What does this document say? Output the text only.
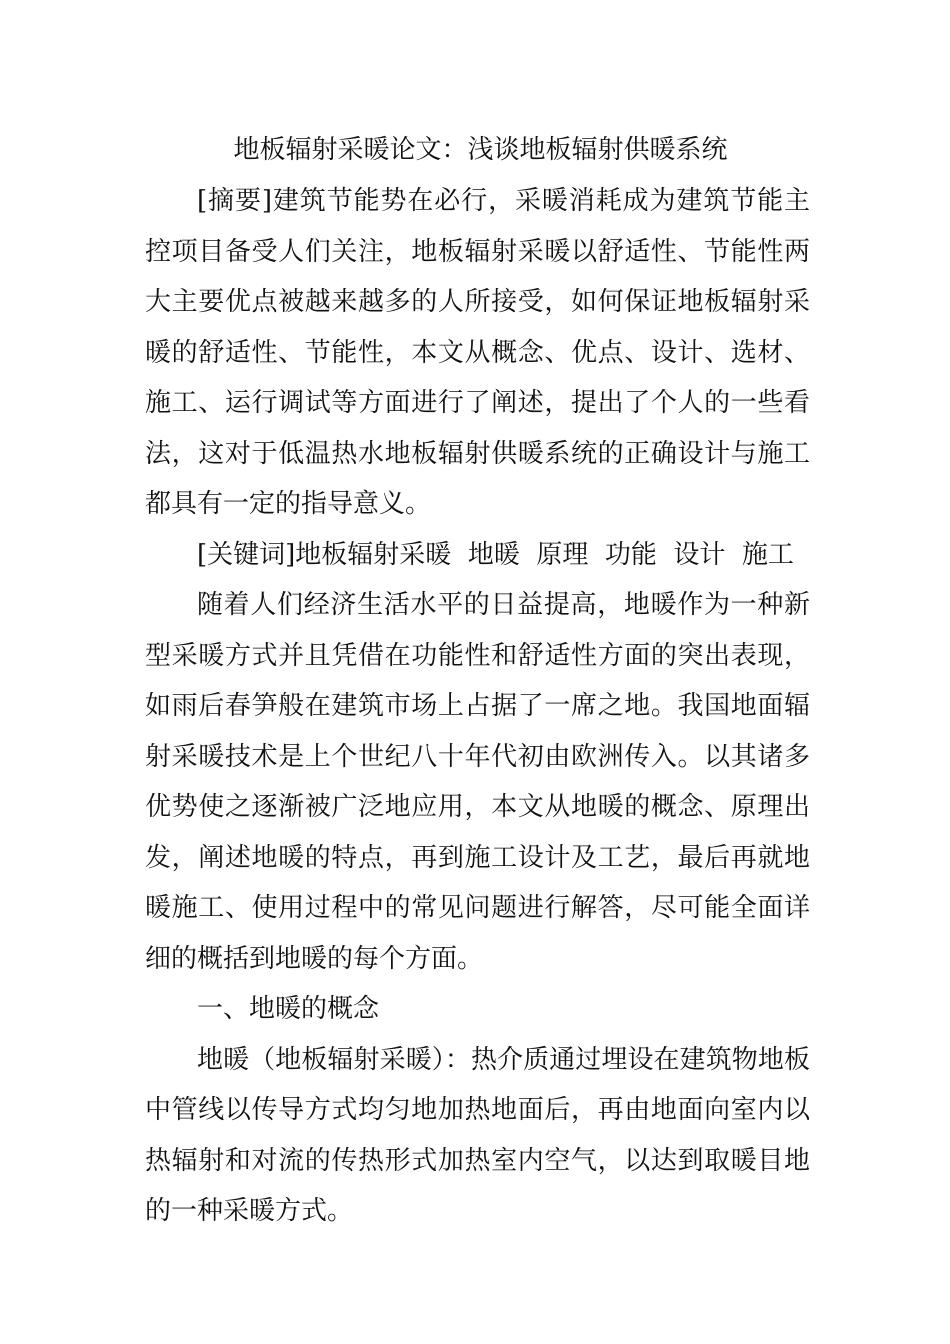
地板辐射采暖论文：浅谈地板辐射供暖系统

[摘要]建筑节能势在必行，采暖消耗成为建筑节能主控项目备受人们关注，地板辐射采暖以舒适性、节能性两大主要优点被越来越多的人所接受，如何保证地板辐射采暖的舒适性、节能性，本文从概念、优点、设计、选材、施工、运行调试等方面进行了阐述，提出了个人的一些看法，这对于低温热水地板辐射供暖系统的正确设计与施工都具有一定的指导意义。

[关键词]地板辐射采暖  地暖  原理  功能  设计  施工

随着人们经济生活水平的日益提高，地暖作为一种新型采暖方式并且凭借在功能性和舒适性方面的突出表现，如雨后春笋般在建筑市场上占据了一席之地。我国地面辐射采暖技术是上个世纪八十年代初由欧洲传入。以其诸多优势使之逐渐被广泛地应用，本文从地暖的概念、原理出发，阐述地暖的特点，再到施工设计及工艺，最后再就地暖施工、使用过程中的常见问题进行解答，尽可能全面详细的概括到地暖的每个方面。

一、地暖的概念

地暖（地板辐射采暖）：热介质通过埋设在建筑物地板中管线以传导方式均匀地加热地面后，再由地面向室内以热辐射和对流的传热形式加热室内空气，以达到取暖目地的一种采暖方式。
